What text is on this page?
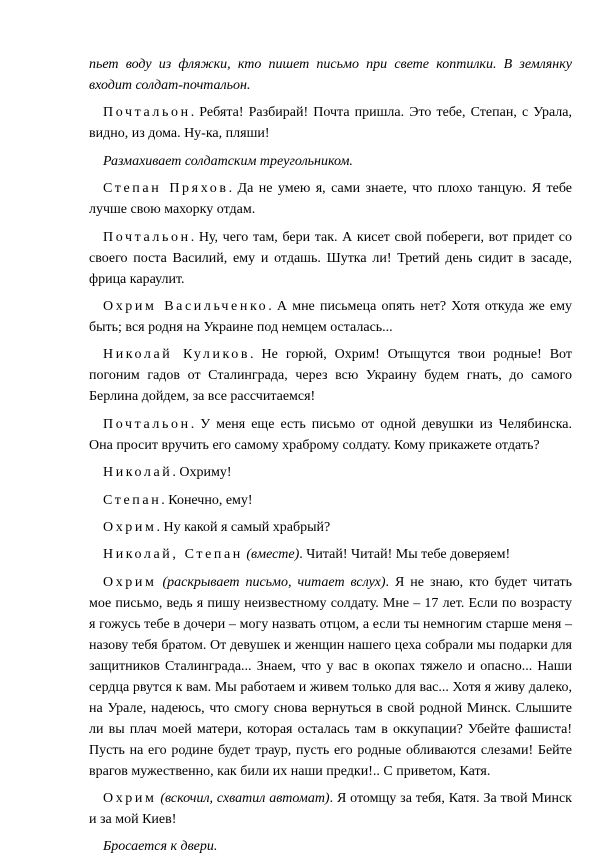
пьет воду из фляжки, кто пишет письмо при свете коптилки. В землянку входит солдат-почтальон.

Почтальон. Ребята! Разбирай! Почта пришла. Это тебе, Степан, с Урала, видно, из дома. Ну-ка, пляши!

Размахивает солдатским треугольником.

Степан Пряхов. Да не умею я, сами знаете, что плохо танцую. Я тебе лучше свою махорку отдам.

Почтальон. Ну, чего там, бери так. А кисет свой побереги, вот придет со своего поста Василий, ему и отдашь. Шутка ли! Третий день сидит в засаде, фрица караулит.

Охрим Васильченко. А мне письмеца опять нет? Хотя откуда же ему быть; вся родня на Украине под немцем осталась...

Николай Куликов. Не горюй, Охрим! Отыщутся твои родные! Вот погоним гадов от Сталинграда, через всю Украину будем гнать, до самого Берлина дойдем, за все рассчитаемся!

Почтальон. У меня еще есть письмо от одной девушки из Челябинска. Она просит вручить его самому храброму солдату. Кому прикажете отдать?

Николай. Охриму!

Степан. Конечно, ему!

Охрим. Ну какой я самый храбрый?

Николай, Степан (вместе). Читай! Читай! Мы тебе доверяем!

Охрим (раскрывает письмо, читает вслух). Я не знаю, кто будет читать мое письмо, ведь я пишу неизвестному солдату. Мне – 17 лет. Если по возрасту я гожусь тебе в дочери – могу назвать отцом, а если ты немногим старше меня – назову тебя братом. От девушек и женщин нашего цеха собрали мы подарки для защитников Сталинграда... Знаем, что у вас в окопах тяжело и опасно... Наши сердца рвутся к вам. Мы работаем и живем только для вас... Хотя я живу далеко, на Урале, надеюсь, что смогу снова вернуться в свой родной Минск. Слышите ли вы плач моей матери, которая осталась там в оккупации? Убейте фашиста! Пусть на его родине будет траур, пусть его родные обливаются слезами! Бейте врагов мужественно, как били их наши предки!.. С приветом, Катя.

Охрим (вскочил, схватил автомат). Я отомщу за тебя, Катя. За твой Минск и за мой Киев!

Бросается к двери.
